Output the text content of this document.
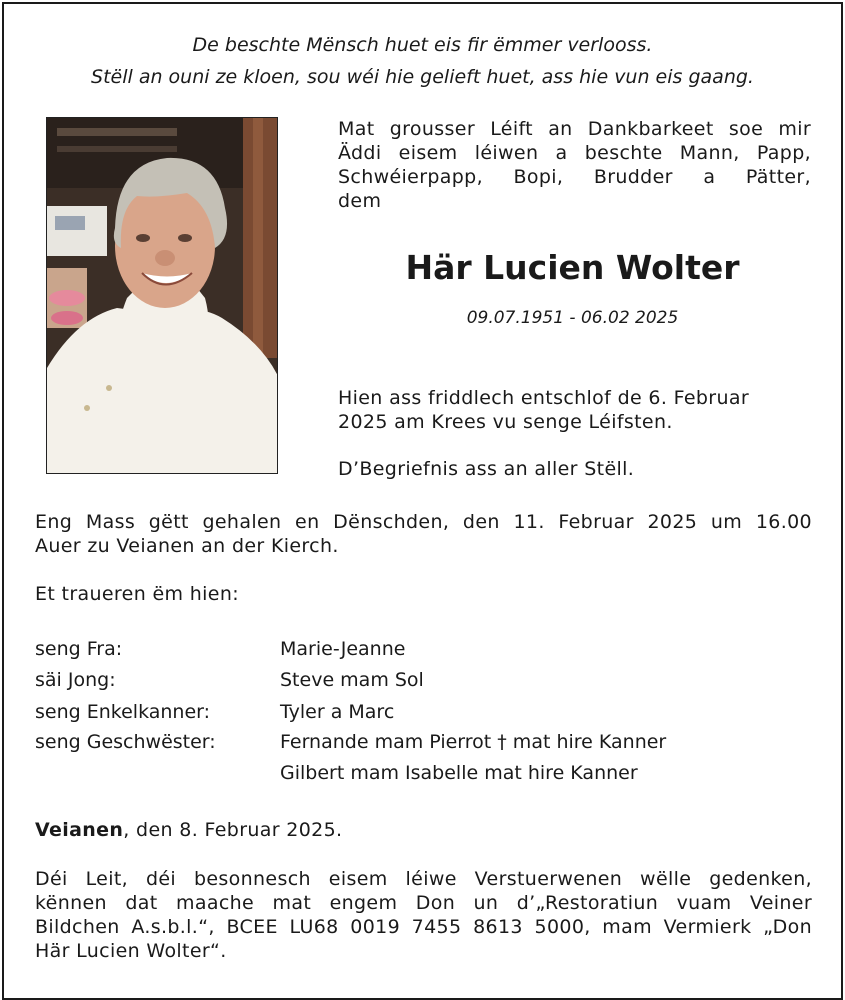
De beschte Mënsch huet eis fir ëmmer verlooss.
Stëll an ouni ze kloen, sou wéi hie gelieft huet, ass hie vun eis gaang.
Mat grousser Léift an Dankbarkeet soe mir
Äddi eisem léiwen a beschte Mann, Papp,
Schwéierpapp, Bopi, Brudder a Pätter,
dem
Här Lucien Wolter
09.07.1951 - 06.02 2025
Hien ass friddlech entschlof de 6. Februar
2025 am Krees vu senge Léifsten.
D’Begriefnis ass an aller Stëll.
Eng Mass gëtt gehalen en Dënschden, den 11. Februar 2025 um 16.00
Auer zu Veianen an der Kierch.
Et traueren ëm hien:
seng Fra:	Marie-Jeanne
säi Jong:	Steve mam Sol
seng Enkelkanner:	Tyler a Marc
seng Geschwëster:	Fernande mam Pierrot † mat hire Kanner
Gilbert mam Isabelle mat hire Kanner
Veianen, den 8. Februar 2025.
Déi Leit, déi besonnesch eisem léiwe Verstuerwenen wëlle gedenken,
kënnen dat maache mat engem Don un d’„Restoratiun vuam Veiner
Bildchen A.s.b.l.“, BCEE LU68 0019 7455 8613 5000, mam Vermierk „Don
Här Lucien Wolter“.
